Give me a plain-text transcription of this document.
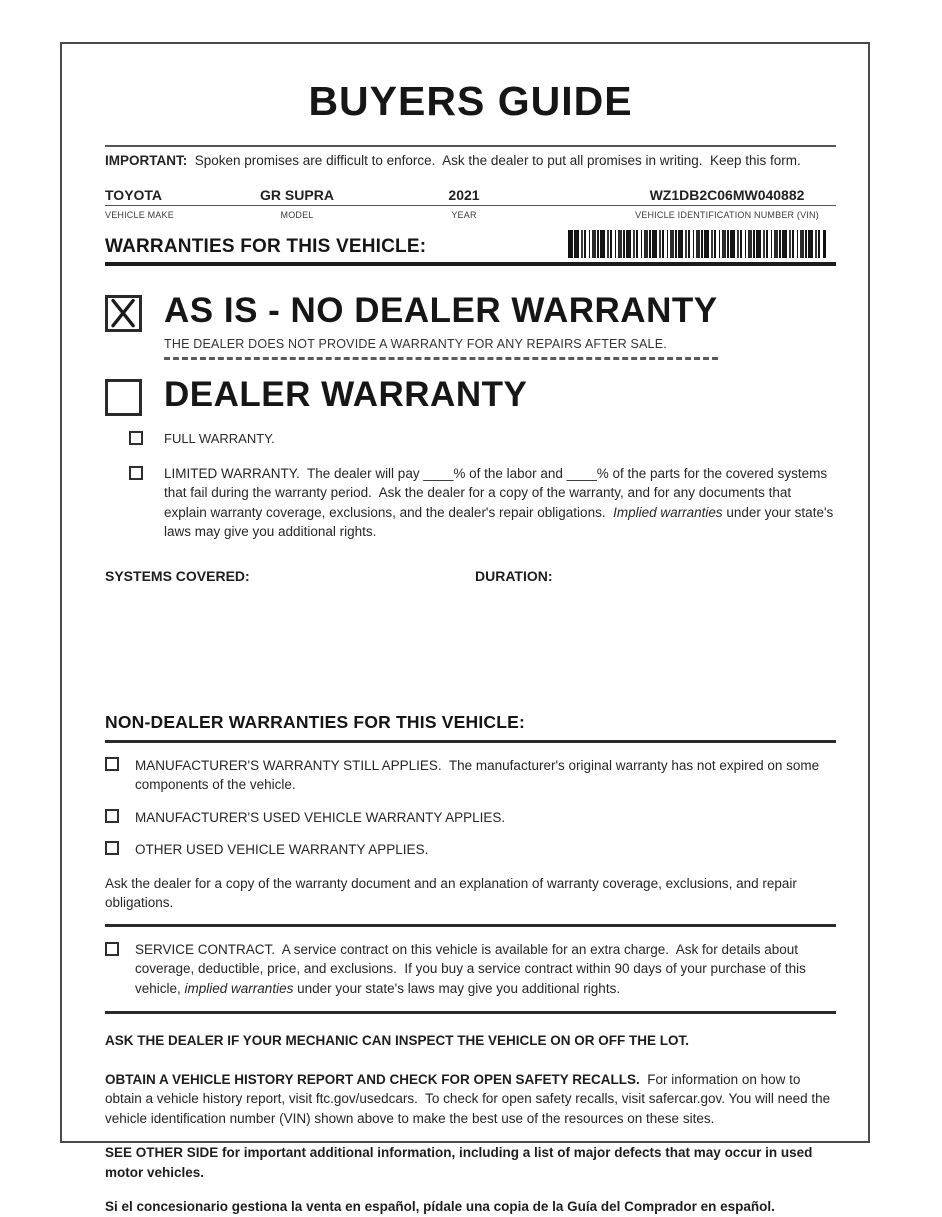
BUYERS GUIDE

IMPORTANT:  Spoken promises are difficult to enforce.  Ask the dealer to put all promises in writing.  Keep this form.

TOYOTA	GR SUPRA	2021	WZ1DB2C06MW040882
VEHICLE MAKE	MODEL	YEAR	VEHICLE IDENTIFICATION NUMBER (VIN)
WARRANTIES FOR THIS VEHICLE:
AS IS - NO DEALER WARRANTY
THE DEALER DOES NOT PROVIDE A WARRANTY FOR ANY REPAIRS AFTER SALE.
DEALER WARRANTY
FULL WARRANTY.

LIMITED WARRANTY.  The dealer will pay ____% of the labor and ____% of the parts for the covered systems that fail during the warranty period.  Ask the dealer for a copy of the warranty, and for any documents that explain warranty coverage, exclusions, and the dealer's repair obligations.  Implied warranties under your state's laws may give you additional rights.

SYSTEMS COVERED:	DURATION:
NON-DEALER WARRANTIES FOR THIS VEHICLE:
MANUFACTURER'S WARRANTY STILL APPLIES.  The manufacturer's original warranty has not expired on some components of the vehicle.
MANUFACTURER'S USED VEHICLE WARRANTY APPLIES.
OTHER USED VEHICLE WARRANTY APPLIES.

Ask the dealer for a copy of the warranty document and an explanation of warranty coverage, exclusions, and repair obligations.

SERVICE CONTRACT.  A service contract on this vehicle is available for an extra charge.  Ask for details about coverage, deductible, price, and exclusions.  If you buy a service contract within 90 days of your purchase of this vehicle, implied warranties under your state's laws may give you additional rights.

ASK THE DEALER IF YOUR MECHANIC CAN INSPECT THE VEHICLE ON OR OFF THE LOT.

OBTAIN A VEHICLE HISTORY REPORT AND CHECK FOR OPEN SAFETY RECALLS.  For information on how to obtain a vehicle history report, visit ftc.gov/usedcars.  To check for open safety recalls, visit safercar.gov. You will need the vehicle identification number (VIN) shown above to make the best use of the resources on these sites.

SEE OTHER SIDE for important additional information, including a list of major defects that may occur in used motor vehicles.

Si el concesionario gestiona la venta en español, pídale una copia de la Guía del Comprador en español.
